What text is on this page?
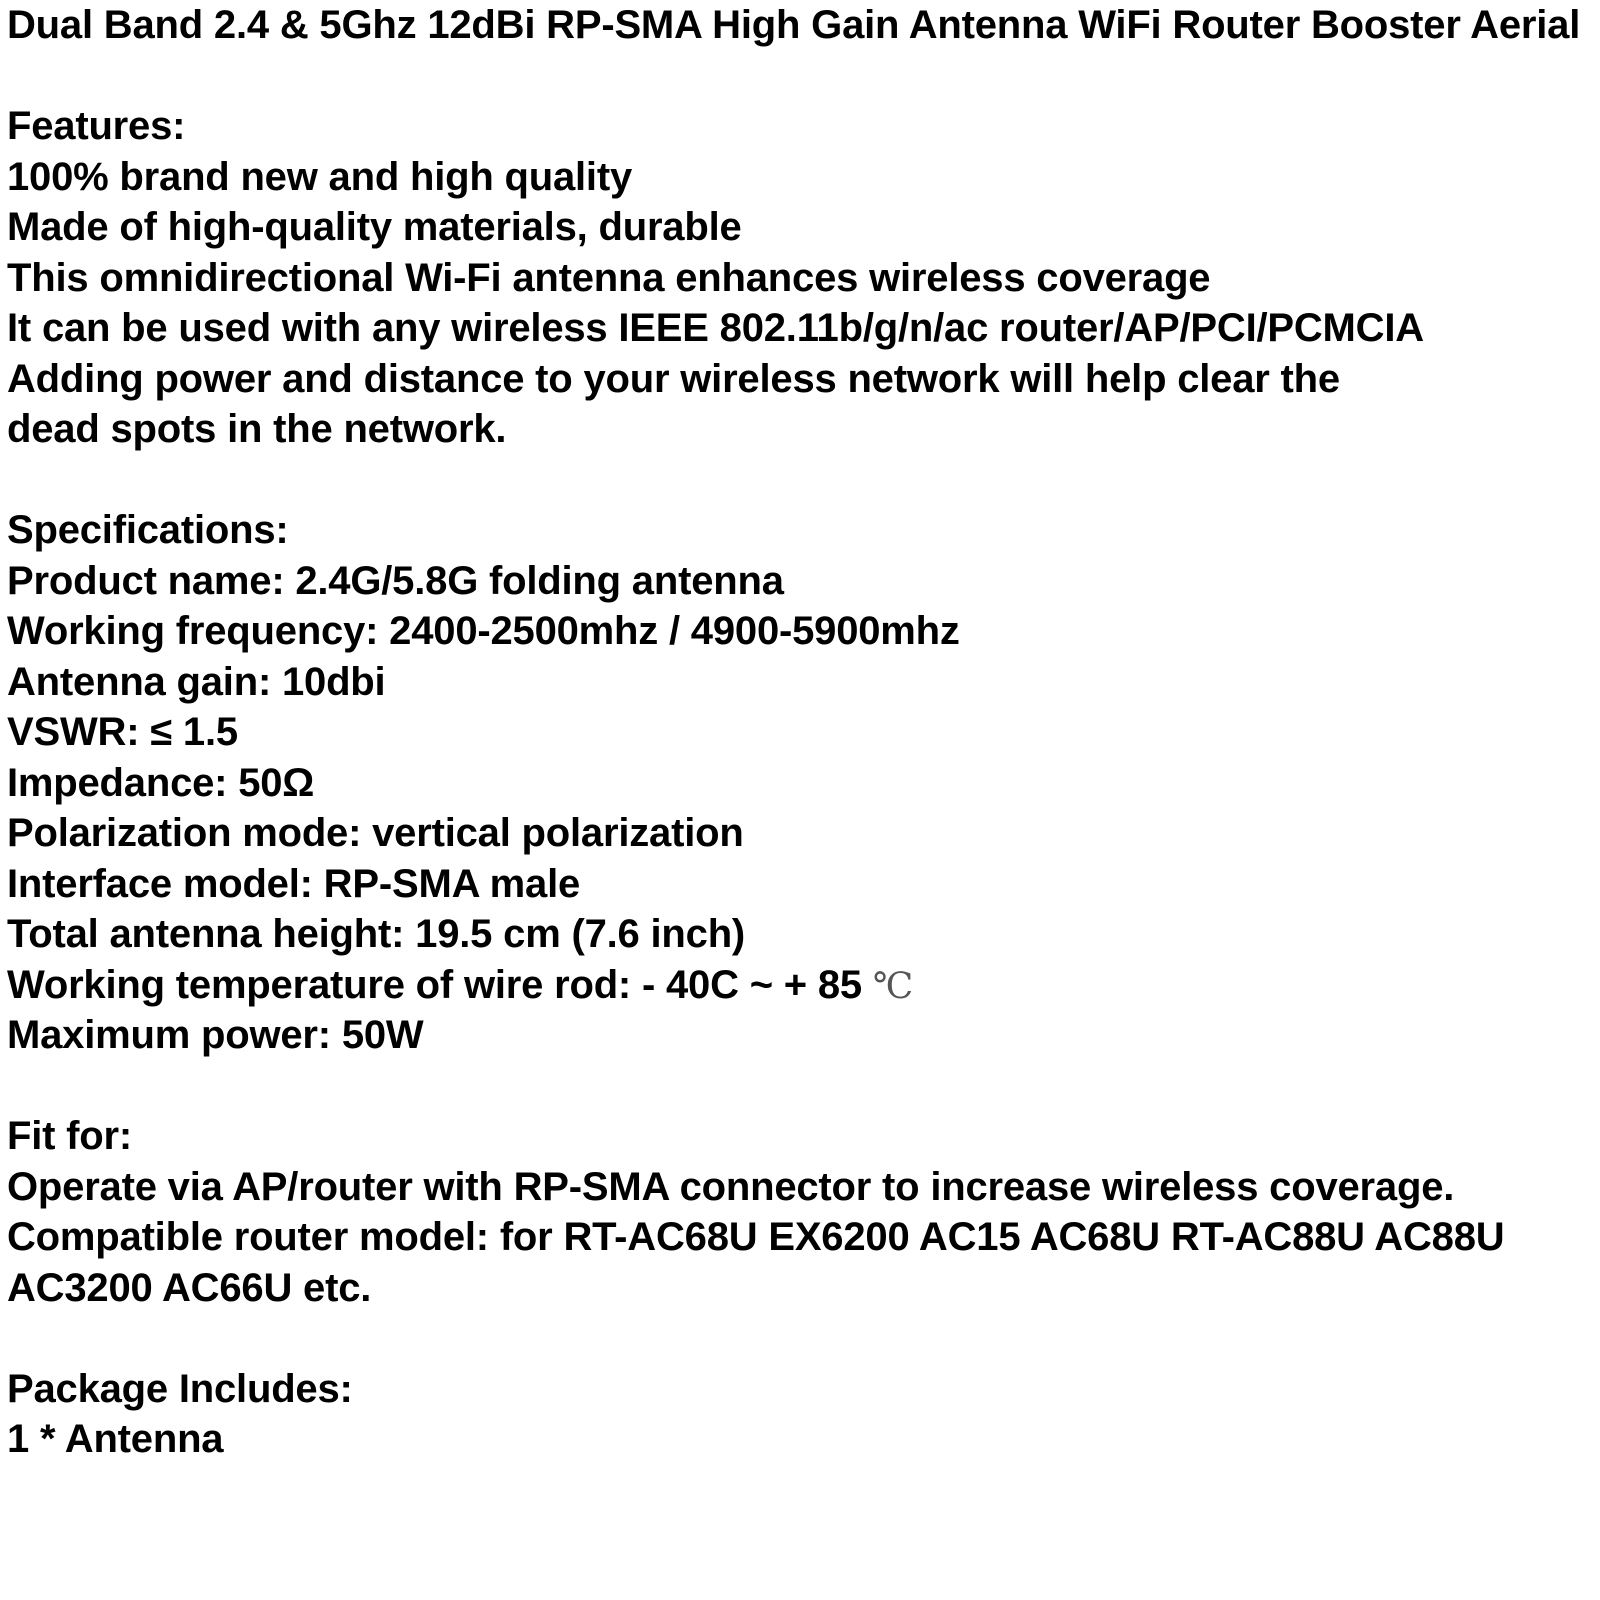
Dual Band 2.4 & 5Ghz 12dBi RP-SMA High Gain Antenna WiFi Router Booster Aerial
Features:
100% brand new and high quality
Made of high-quality materials, durable
This omnidirectional Wi-Fi antenna enhances wireless coverage
It can be used with any wireless IEEE 802.11b/g/n/ac router/AP/PCI/PCMCIA
Adding power and distance to your wireless network will help clear the
dead spots in the network.
Specifications:
Product name: 2.4G/5.8G folding antenna
Working frequency: 2400-2500mhz / 4900-5900mhz
Antenna gain: 10dbi
VSWR: ≤ 1.5
Impedance: 50Ω
Polarization mode: vertical polarization
Interface model: RP-SMA male
Total antenna height: 19.5 cm (7.6 inch)
Working temperature of wire rod: - 40C ~ + 85 ℃
Maximum power: 50W
Fit for:
Operate via AP/router with RP-SMA connector to increase wireless coverage.
Compatible router model: for RT-AC68U EX6200 AC15 AC68U RT-AC88U AC88U
AC3200 AC66U etc.
Package Includes:
1 * Antenna
